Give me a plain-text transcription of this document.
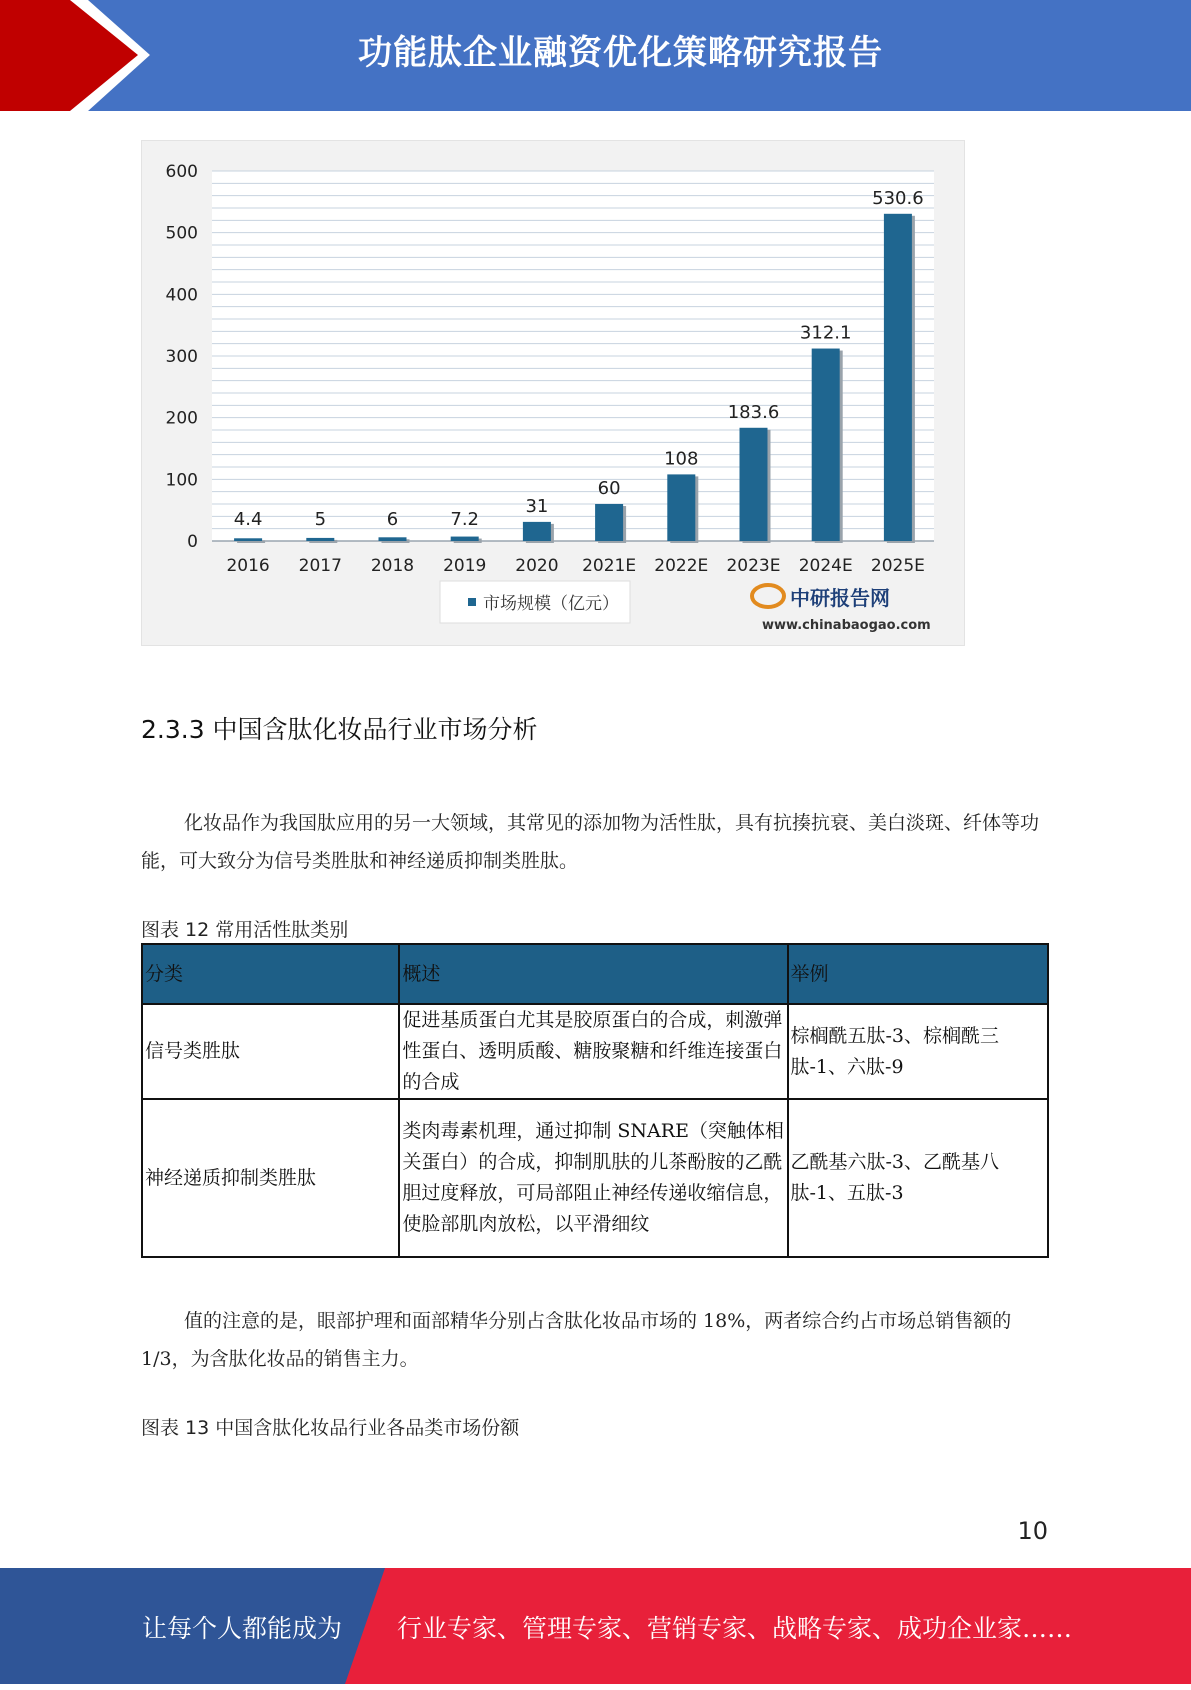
功能肽企业融资优化策略研究报告
0
100
200
300
400
500
600
4.4
2016
5
2017
6
2018
7.2
2019
31
2020
60
2021E
108
2022E
183.6
2023E
312.1
2024E
530.6
2025E
市场规模（亿元）	中研报告网
www.chinabaogao.com
2.3.3 中国含肽化妆品行业市场分析
化妆品作为我国肽应用的另一大领域，其常见的添加物为活性肽，具有抗揍抗衰、美白淡斑、纤体等功能，可大致分为信号类胜肽和神经递质抑制类胜肽。
图表 12 常用活性肽类别
分类	概述	举例
信号类胜肽	促进基质蛋白尤其是胶原蛋白的合成，刺激弹性蛋白、透明质酸、糖胺聚糖和纤维连接蛋白的合成	棕榈酰五肽-3、棕榈酰三肽-1、六肽-9
神经递质抑制类胜肽	类肉毒素机理，通过抑制 SNARE（突触体相关蛋白）的合成，抑制肌肤的儿茶酚胺的乙酰胆过度释放，可局部阻止神经传递收缩信息，使脸部肌肉放松，以平滑细纹	乙酰基六肽-3、乙酰基八肽-1、五肽-3
值的注意的是，眼部护理和面部精华分别占含肽化妆品市场的 18%，两者综合约占市场总销售额的 1/3，为含肽化妆品的销售主力。
图表 13 中国含肽化妆品行业各品类市场份额
10
让每个人都能成为 行业专家、管理专家、营销专家、战略专家、成功企业家……
